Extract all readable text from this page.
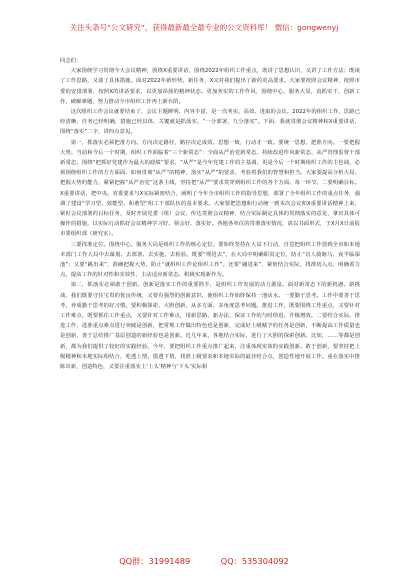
关注头条号“公文研究”，获得最新最全最专业的公文资料库！ 微信：gongwenyj

同志们：

大家围绕学习贯彻今天会议精神，围绕X重要讲话，围绕2022年组织工作重点，既讲了思想认识，又讲了工作方法；既谈了工作思路，又谈了具体措施。面对2022年新形势、新任务，X又对我们提出了新的更高要求。大家要按照会议精神，按照市委的安排部署，按照X的讲话要求，以更加昂扬的精神状态、更加务实的工作作风，围绕中心、服务大局，真抓实干、创新工作、破解难题，努力推动全市组织工作再上新台阶。

这次组织工作会议就要结束了，会议主题鲜明、内容丰富，是一次务实、高效、进取的会议。2022年的组织工作，思路已经清晰，任务已经明确，措施已经具体，关键就是抓落实。“一分部署，九分落实”。下面，我就贯彻会议精神和X重要讲话，围绕“落实”二字，讲四点意见。

第一，抓落实必须把准方向。方向决定路径，路径决定成效。思想一致，行动才一致。要统一思想，把准方向。一要把握大势。当前和今后一个时期，组织工作面临着“三个新常态”：全面从严治党新常态、持续改进作风新常态、从严管理监督干部新常态。围绕“把抓好党建作为最大的政绩”要求，“从严”是今年党建工作的主基调，更是今后一个时期组织工作的主色调，必须围绕组织工作的方方面面，如何贯彻“从严”的精神，落实“从严”的要求，考验着我们的智慧和担当。大家要提高分析大局、把握大势的能力，紧紧把握“从严治党”这条主线，坚持把“从严”要求贯穿到组织工作的各个方面、每一环节。二要明确目标。X重要讲话，把中央、省委要求与X实际紧密结合，阐明了今年全市组织工作的指导思想，部署了全年组织工作的重点任务，强调了建设“学习型、效能型、和谐型”组工干部队伍的基本要求。大家要把思想和行动统一到本次会议和X重要讲话精神上来，紧盯会议部署的目标任务，及时开展党委（组）会议，传达贯彻会议精神，结合实际制定具体的贯彻落实的意见，拿出具体可操作的措施，以实际行动抓好会议精神学习好、领会好、落实好。各地各单位的贯彻落实情况，请以书面形式，于X月X日前报市委组织部（研究室）。

三要找准定位。围绕中心，服务大局是组织工作的核心定位。要始终坚持在大局下行动，自觉把组织工作放到全市和本地本部门工作大局中去谋划、去部署、去实施、去检验。既要“埋进去”，在大局中明确职责定位，防止“盲人骑瞎马、夜半临深池”；又要“跳出来”，准确把握大势，防止“就组织工作论组织工作”。还要“融进来”，紧密结合实际，找准切入点、明确着力点，提高工作的针对性和实效性，主动适应新常态、积极实现新作为。

第二，抓落实必须敢于创新。创新是落实工作的重要抓手，是组织工作发展的动力源泉。面对新常态下的新机遇、新挑战，我们既要守住宝贵的优良传统，又要有强烈的创新意识，使组织工作始终保持一池活水。一要勤于思考。工作中要善于思考，养成勤于思考的好习惯。要积极探索、大胆创新，从多方面、多角度思考问题。推进工作，既要围绕工作重点，又要针对工作难点、既要抓住工作重点，又要针对工作难点，用新思路、新办法，保证工作的与时俱进、升级增效。二要结合实际。推进工作，选准重点难点进行突破是创新，把常规工作做出特色也是创新，完成好上级赋予的任务是创新，不断提高工作质量也是创新，善于总结推广基层创造的新经验也是创新。近几年来，各地结合实际，进行了大胆的探索创新。比如，……等都是创新，都为我们提供了较好的实践经验。今年，要把组织工作重点推广起来，注重体现实效的实践创新。敢于创新，要坚持把上级精神和本地实际相结合，吃透上情、摸透下情，找准上级要求和本地实际的最佳结合点，创造性地开展工作。重在落实中推陈出新，创造特色，又要注重落实上‘上头’精神与‘下头’实际相

QQ群：31991489	QQ：535304092
